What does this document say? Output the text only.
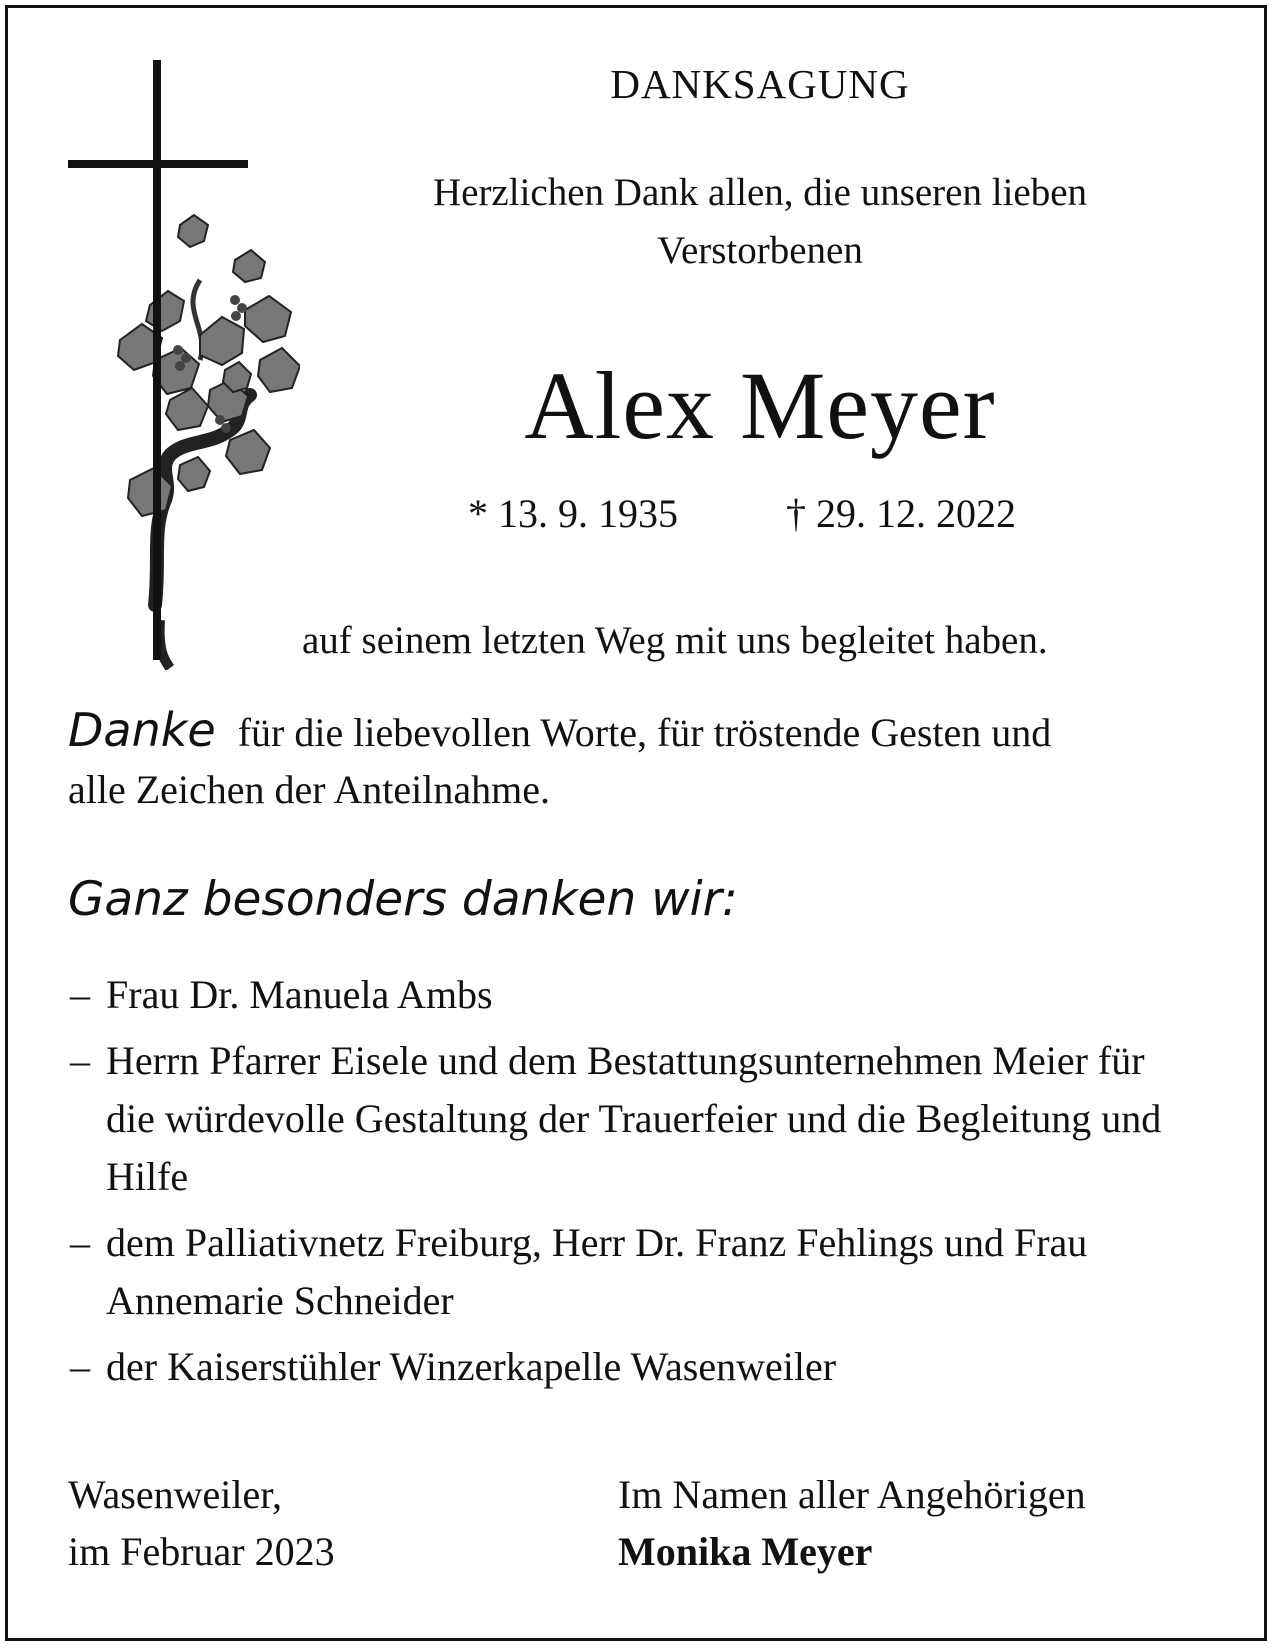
DANKSAGUNG
Herzlichen Dank allen, die unseren lieben
Verstorbenen
Alex Meyer
* 13. 9. 1935	† 29. 12. 2022
auf seinem letzten Weg mit uns begleitet haben.
Danke für die liebevollen Worte, für tröstende Gesten und
alle Zeichen der Anteilnahme.
Ganz besonders danken wir:
– Frau Dr. Manuela Ambs
– Herrn Pfarrer Eisele und dem Bestattungsunternehmen Meier für die würdevolle Gestaltung der Trauerfeier und die Begleitung und Hilfe
– dem Palliativnetz Freiburg, Herr Dr. Franz Fehlings und Frau Annemarie Schneider
– der Kaiserstühler Winzerkapelle Wasenweiler
Wasenweiler,
im Februar 2023
Im Namen aller Angehörigen
Monika Meyer
